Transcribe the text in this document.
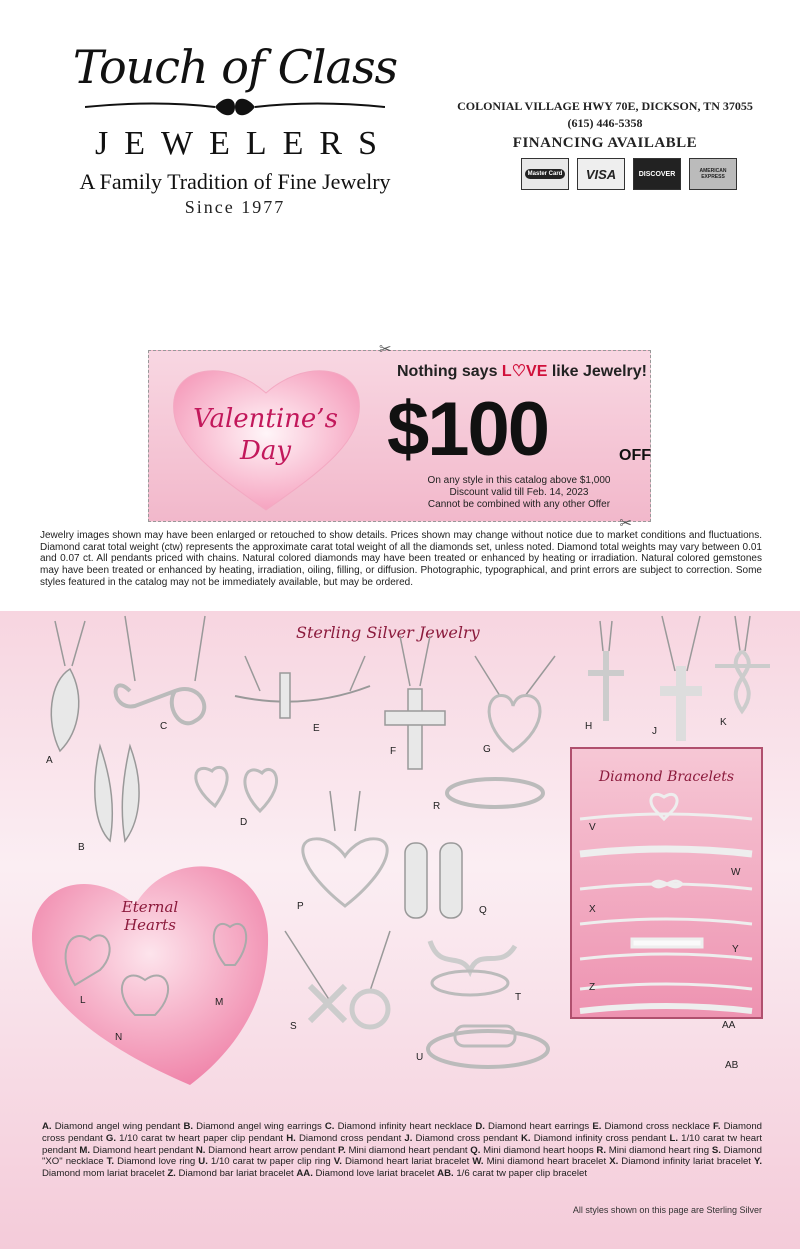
Touch of Class
JEWELERS
A Family Tradition of Fine Jewelry
Since 1977
COLONIAL VILLAGE HWY 70E, DICKSON, TN 37055
(615) 446-5358
FINANCING AVAILABLE
Master Card	VISA	DISCOVER	AMERICAN EXPRESS
✂
✂
Valentine’s
Day
Nothing says L♡VE like Jewelry!
$100	OFF
On any style in this catalog above $1,000
Discount valid till Feb. 14, 2023
Cannot be combined with any other Offer
Jewelry images shown may have been enlarged or retouched to show details. Prices shown may change without notice due to market conditions and fluctuations. Diamond carat total weight (ctw) represents the approximate carat total weight of all the diamonds set, unless noted. Diamond total weights may vary between 0.01 and 0.07 ct. All pendants priced with chains. Natural colored diamonds may have been treated or enhanced by heating or irradiation. Natural colored gemstones may have been treated or enhanced by heating, irradiation, oiling, filling, or diffusion. Photographic, typographical, and print errors are subject to correction. Some styles featured in the catalog may not be immediately available, but may be ordered.
Sterling Silver Jewelry
Eternal
Hearts
Diamond Bracelets

A
B
C
D
E
F	G
H	J
K
L	M
N
P	Q
R
S
T
U
V
W
X
Y
Z
AA
AB
A. Diamond angel wing pendant B. Diamond angel wing earrings C. Diamond infinity heart necklace D. Diamond heart earrings E. Diamond cross necklace F. Diamond cross pendant G. 1/10 carat tw heart paper clip pendant H. Diamond cross pendant J. Diamond cross pendant K. Diamond infinity cross pendant L. 1/10 carat tw heart pendant M. Diamond heart pendant N. Diamond heart arrow pendant P. Mini diamond heart pendant Q. Mini diamond heart hoops R. Mini diamond heart ring S. Diamond "XO" necklace T. Diamond love ring U. 1/10 carat tw paper clip ring V. Diamond heart lariat bracelet W. Mini diamond heart bracelet X. Diamond infinity lariat bracelet Y. Diamond mom lariat bracelet Z. Diamond bar lariat bracelet AA. Diamond love lariat bracelet AB. 1/6 carat tw paper clip bracelet
All styles shown on this page are Sterling Silver
